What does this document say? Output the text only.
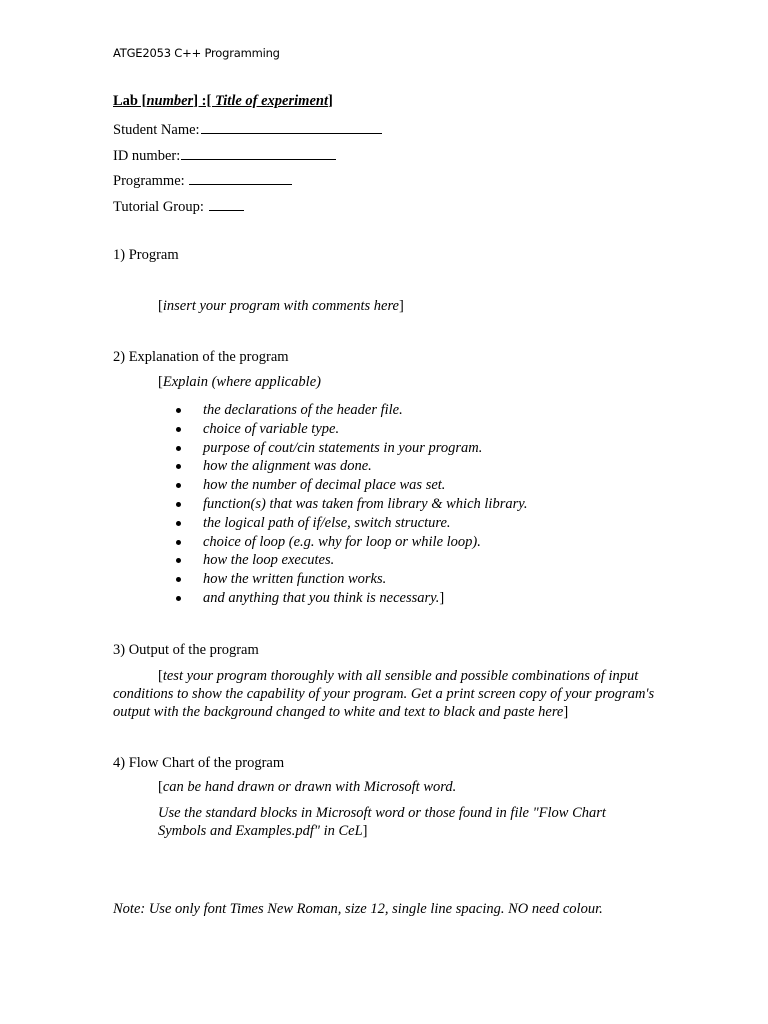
ATGE2053 C++ Programming
Lab [number] :[ Title of experiment]
Student Name:
ID number:
Programme:
Tutorial Group:
1) Program
[insert your program with comments here]
2) Explanation of the program
[Explain (where applicable)
the declarations of the header file.
choice of variable type.
purpose of cout/cin statements in your program.
how the alignment was done.
how the number of decimal place was set.
function(s) that was taken from library & which library.
the logical path of if/else, switch structure.
choice of loop (e.g. why for loop or while loop).
how the loop executes.
how the written function works.
and anything that you think is necessary.]
3) Output of the program
[test your program thoroughly with all sensible and possible combinations of input conditions to show the capability of your program. Get a print screen copy of your program's output with the background changed to white and text to black and paste here]
4) Flow Chart of the program
[can be hand drawn or drawn with Microsoft word.
Use the standard blocks in Microsoft word or those found in file "Flow Chart
Symbols and Examples.pdf" in CeL]
Note: Use only font Times New Roman, size 12, single line spacing. NO need colour.
